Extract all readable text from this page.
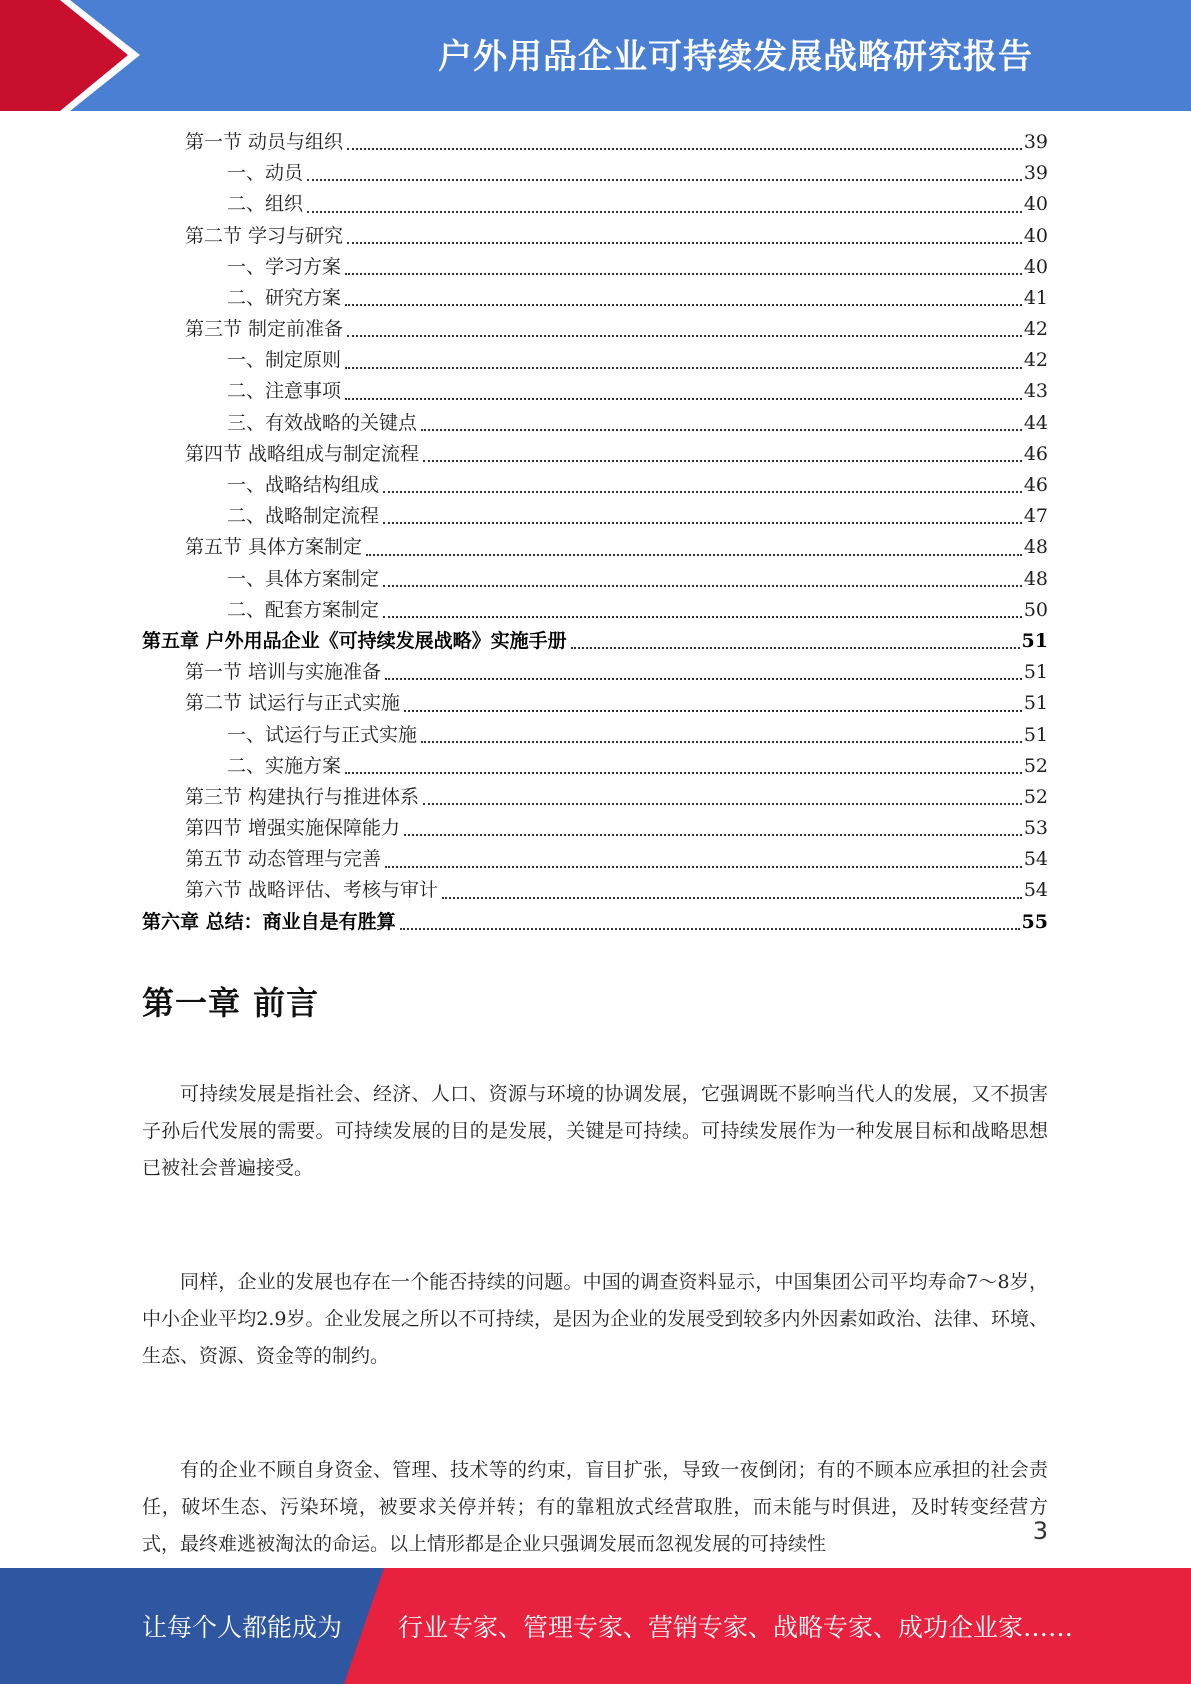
户外用品企业可持续发展战略研究报告
第一节 动员与组织	39
一、动员	39
二、组织	40
第二节 学习与研究	40
一、学习方案	40
二、研究方案	41
第三节 制定前准备	42
一、制定原则	42
二、注意事项	43
三、有效战略的关键点	44
第四节 战略组成与制定流程	46
一、战略结构组成	46
二、战略制定流程	47
第五节 具体方案制定	48
一、具体方案制定	48
二、配套方案制定	50
第五章 户外用品企业《可持续发展战略》实施手册	51
第一节 培训与实施准备	51
第二节 试运行与正式实施	51
一、试运行与正式实施	51
二、实施方案	52
第三节 构建执行与推进体系	52
第四节 增强实施保障能力	53
第五节 动态管理与完善	54
第六节 战略评估、考核与审计	54
第六章 总结：商业自是有胜算	55
第一章 前言

可持续发展是指社会、经济、人口、资源与环境的协调发展，它强调既不影响当代人的发展，又不损害子孙后代发展的需要。可持续发展的目的是发展，关键是可持续。可持续发展作为一种发展目标和战略思想已被社会普遍接受。

同样，企业的发展也存在一个能否持续的问题。中国的调查资料显示，中国集团公司平均寿命7～8岁，中小企业平均2.9岁。企业发展之所以不可持续，是因为企业的发展受到较多内外因素如政治、法律、环境、生态、资源、资金等的制约。

有的企业不顾自身资金、管理、技术等的约束，盲目扩张，导致一夜倒闭；有的不顾本应承担的社会责任，破坏生态、污染环境，被要求关停并转；有的靠粗放式经营取胜，而未能与时俱进，及时转变经营方式，最终难逃被淘汰的命运。以上情形都是企业只强调发展而忽视发展的可持续性	3
让每个人都能成为 行业专家、管理专家、营销专家、战略专家、成功企业家……
